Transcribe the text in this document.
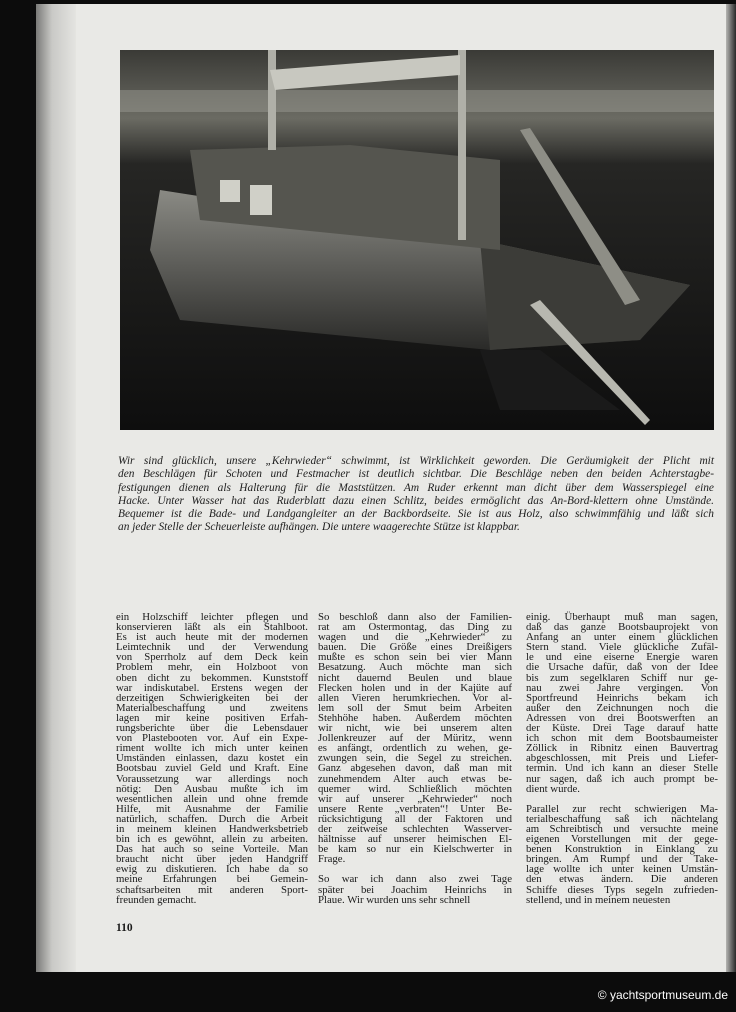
Wir sind glücklich, unsere „Kehrwieder“ schwimmt, ist Wirklichkeit geworden. Die Geräumigkeit der Plicht mit
den Beschlägen für Schoten und Festmacher ist deutlich sichtbar. Die Beschläge neben den beiden Achterstagbe-
festigungen dienen als Halterung für die Maststützen. Am Ruder erkennt man dicht über dem Wasserspiegel eine
Hacke. Unter Wasser hat das Ruderblatt dazu einen Schlitz, beides ermöglicht das An-Bord-klettern ohne Umstände.
Bequemer ist die Bade- und Landgangleiter an der Backbordseite. Sie ist aus Holz, also schwimmfähig und läßt sich
an jeder Stelle der Scheuerleiste aufhängen. Die untere waagerechte Stütze ist klappbar.
ein Holzschiff leichter pflegen und
konservieren läßt als ein Stahlboot.
Es ist auch heute mit der modernen
Leimtechnik und der Verwendung
von Sperrholz auf dem Deck kein
Problem mehr, ein Holzboot von
oben dicht zu bekommen. Kunststoff
war indiskutabel. Erstens wegen der
derzeitigen Schwierigkeiten bei der
Materialbeschaffung und zweitens
lagen mir keine positiven Erfah-
rungsberichte über die Lebensdauer
von Plastebooten vor. Auf ein Expe-
riment wollte ich mich unter keinen
Umständen einlassen, dazu kostet ein
Bootsbau zuviel Geld und Kraft. Eine
Voraussetzung war allerdings noch
nötig: Den Ausbau mußte ich im
wesentlichen allein und ohne fremde
Hilfe, mit Ausnahme der Familie
natürlich, schaffen. Durch die Arbeit
in meinem kleinen Handwerksbetrieb
bin ich es gewöhnt, allein zu arbeiten.
Das hat auch so seine Vorteile. Man
braucht nicht über jeden Handgriff
ewig zu diskutieren. Ich habe da so
meine Erfahrungen bei Gemein-
schaftsarbeiten mit anderen Sport-
freunden gemacht.
So beschloß dann also der Familien-
rat am Ostermontag, das Ding zu
wagen und die „Kehrwieder“ zu
bauen. Die Größe eines Dreißigers
mußte es schon sein bei vier Mann
Besatzung. Auch möchte man sich
nicht dauernd Beulen und blaue
Flecken holen und in der Kajüte auf
allen Vieren herumkriechen. Vor al-
lem soll der Smut beim Arbeiten
Stehhöhe haben. Außerdem möchten
wir nicht, wie bei unserem alten
Jollenkreuzer auf der Müritz, wenn
es anfängt, ordentlich zu wehen, ge-
zwungen sein, die Segel zu streichen.
Ganz abgesehen davon, daß man mit
zunehmendem Alter auch etwas be-
quemer wird. Schließlich möchten
wir auf unserer „Kehrwieder“ noch
unsere Rente „verbraten“! Unter Be-
rücksichtigung all der Faktoren und
der zeitweise schlechten Wasserver-
hältnisse auf unserer heimischen El-
be kam so nur ein Kielschwerter in
Frage.
So war ich dann also zwei Tage
später bei Joachim Heinrichs in
Plaue. Wir wurden uns sehr schnell
einig. Überhaupt muß man sagen,
daß das ganze Bootsbauprojekt von
Anfang an unter einem glücklichen
Stern stand. Viele glückliche Zufäl-
le und eine eiserne Energie waren
die Ursache dafür, daß von der Idee
bis zum segelklaren Schiff nur ge-
nau zwei Jahre vergingen. Von
Sportfreund Heinrichs bekam ich
außer den Zeichnungen noch die
Adressen von drei Bootswerften an
der Küste. Drei Tage darauf hatte
ich schon mit dem Bootsbaumeister
Zöllick in Ribnitz einen Bauvertrag
abgeschlossen, mit Preis und Liefer-
termin. Und ich kann an dieser Stelle
nur sagen, daß ich auch prompt be-
dient wurde.
Parallel zur recht schwierigen Ma-
terialbeschaffung saß ich nächtelang
am Schreibtisch und versuchte meine
eigenen Vorstellungen mit der gege-
benen Konstruktion in Einklang zu
bringen. Am Rumpf und der Take-
lage wollte ich unter keinen Umstän-
den etwas ändern. Die anderen
Schiffe dieses Typs segeln zufrieden-
stellend, und in meinem neuesten
110
© yachtsportmuseum.de
